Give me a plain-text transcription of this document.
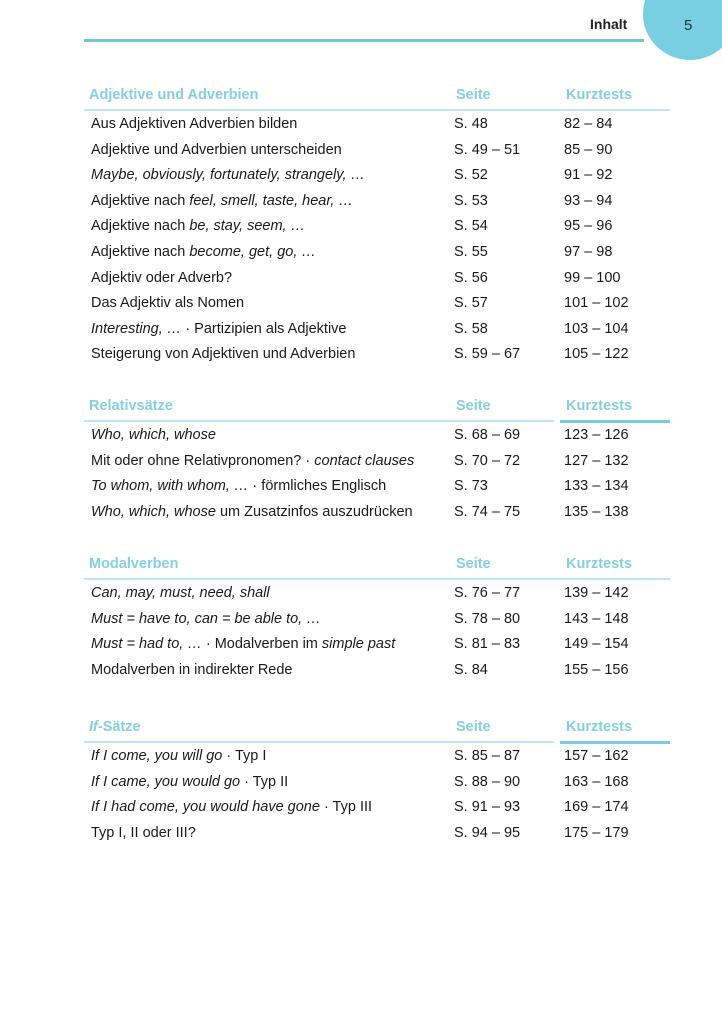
Inhalt	5
Adjektive und Adverbien	Seite	Kurztests
Aus Adjektiven Adverbien bilden	S. 48	82 – 84
Adjektive und Adverbien unterscheiden	S. 49 – 51	85 – 90
Maybe, obviously, fortunately, strangely, …	S. 52	91 – 92
Adjektive nach feel, smell, taste, hear, …	S. 53	93 – 94
Adjektive nach be, stay, seem, …	S. 54	95 – 96
Adjektive nach become, get, go, …	S. 55	97 – 98
Adjektiv oder Adverb?	S. 56	99 – 100
Das Adjektiv als Nomen	S. 57	101 – 102
Interesting, … · Partizipien als Adjektive	S. 58	103 – 104
Steigerung von Adjektiven und Adverbien	S. 59 – 67	105 – 122
Relativsätze	Seite	Kurztests
Who, which, whose	S. 68 – 69	123 – 126
Mit oder ohne Relativpronomen? · contact clauses	S. 70 – 72	127 – 132
To whom, with whom, … · förmliches Englisch	S. 73	133 – 134
Who, which, whose um Zusatzinfos auszudrücken	S. 74 – 75	135 – 138
Modalverben	Seite	Kurztests
Can, may, must, need, shall	S. 76 – 77	139 – 142
Must = have to, can = be able to, …	S. 78 – 80	143 – 148
Must = had to, … · Modalverben im simple past	S. 81 – 83	149 – 154
Modalverben in indirekter Rede	S. 84	155 – 156
If-Sätze	Seite	Kurztests
If I come, you will go · Typ I	S. 85 – 87	157 – 162
If I came, you would go · Typ II	S. 88 – 90	163 – 168
If I had come, you would have gone · Typ III	S. 91 – 93	169 – 174
Typ I, II oder III?	S. 94 – 95	175 – 179
